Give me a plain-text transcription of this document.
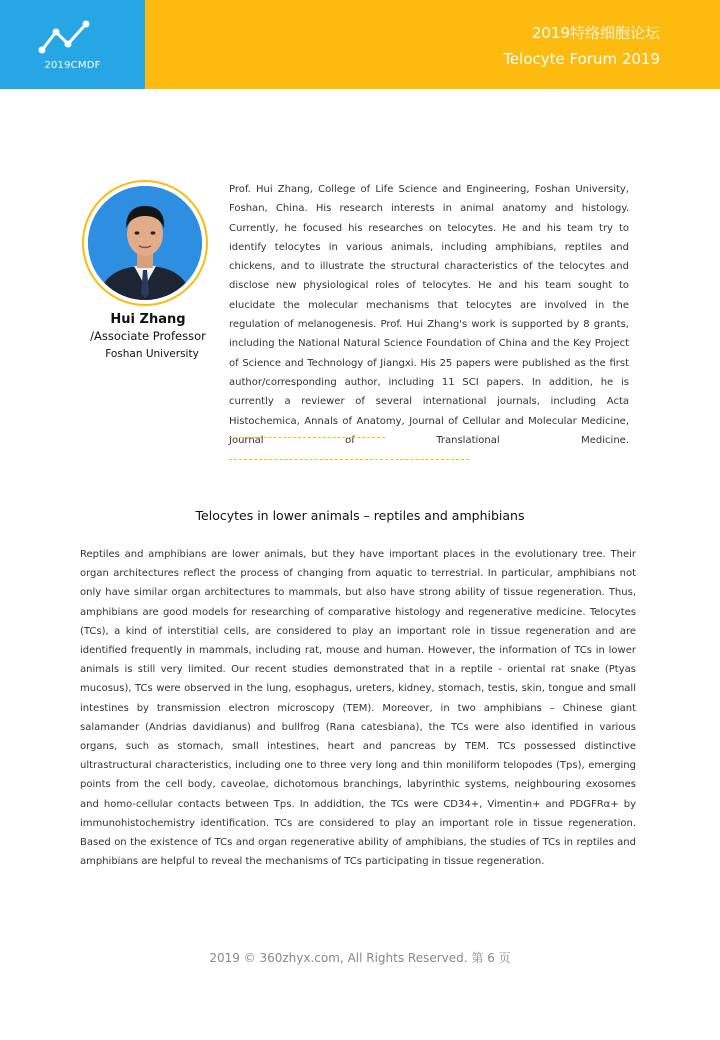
2019CMDF
2019特络细胞论坛
Telocyte Forum 2019
Hui Zhang
/Associate Professor
Foshan University
Prof. Hui Zhang, College of Life Science and Engineering, Foshan University, Foshan, China. His research interests in animal anatomy and histology. Currently, he focused his researches on telocytes. He and his team try to identify telocytes in various animals, including amphibians, reptiles and chickens, and to illustrate the structural characteristics of the telocytes and disclose new physiological roles of telocytes. He and his team sought to elucidate the molecular mechanisms that telocytes are involved in the regulation of melanogenesis. Prof. Hui Zhang's work is supported by 8 grants, including the National Natural Science Foundation of China and the Key Project of Science and Technology of Jiangxi. His 25 papers were published as the first author/corresponding author, including 11 SCI papers. In addition, he is currently a reviewer of several international journals, including Acta Histochemica, Annals of Anatomy, Journal of Cellular and Molecular Medicine, Journal of Translational Medicine.
Telocytes in lower animals – reptiles and amphibians
Reptiles and amphibians are lower animals, but they have important places in the evolutionary tree. Their organ architectures reflect the process of changing from aquatic to terrestrial. In particular, amphibians not only have similar organ architectures to mammals, but also have strong ability of tissue regeneration. Thus, amphibians are good models for researching of comparative histology and regenerative medicine. Telocytes (TCs), a kind of interstitial cells, are considered to play an important role in tissue regeneration and are identified frequently in mammals, including rat, mouse and human. However, the information of TCs in lower animals is still very limited. Our recent studies demonstrated that in a reptile - oriental rat snake (Ptyas mucosus), TCs were observed in the lung, esophagus, ureters, kidney, stomach, testis, skin, tongue and small intestines by transmission electron microscopy (TEM). Moreover, in two amphibians – Chinese giant salamander (Andrias davidianus) and bullfrog (Rana catesbiana), the TCs were also identified in various organs, such as stomach, small intestines, heart and pancreas by TEM. TCs possessed distinctive ultrastructural characteristics, including one to three very long and thin moniliform telopodes (Tps), emerging points from the cell body, caveolae, dichotomous branchings, labyrinthic systems, neighbouring exosomes and homo-cellular contacts between Tps. In addidtion, the TCs were CD34+, Vimentin+ and PDGFRα+ by immunohistochemistry identification. TCs are considered to play an important role in tissue regeneration. Based on the existence of TCs and organ regenerative ability of amphibians, the studies of TCs in reptiles and amphibians are helpful to reveal the mechanisms of TCs participating in tissue regeneration.
2019 © 360zhyx.com, All Rights Reserved. 第 6 页
